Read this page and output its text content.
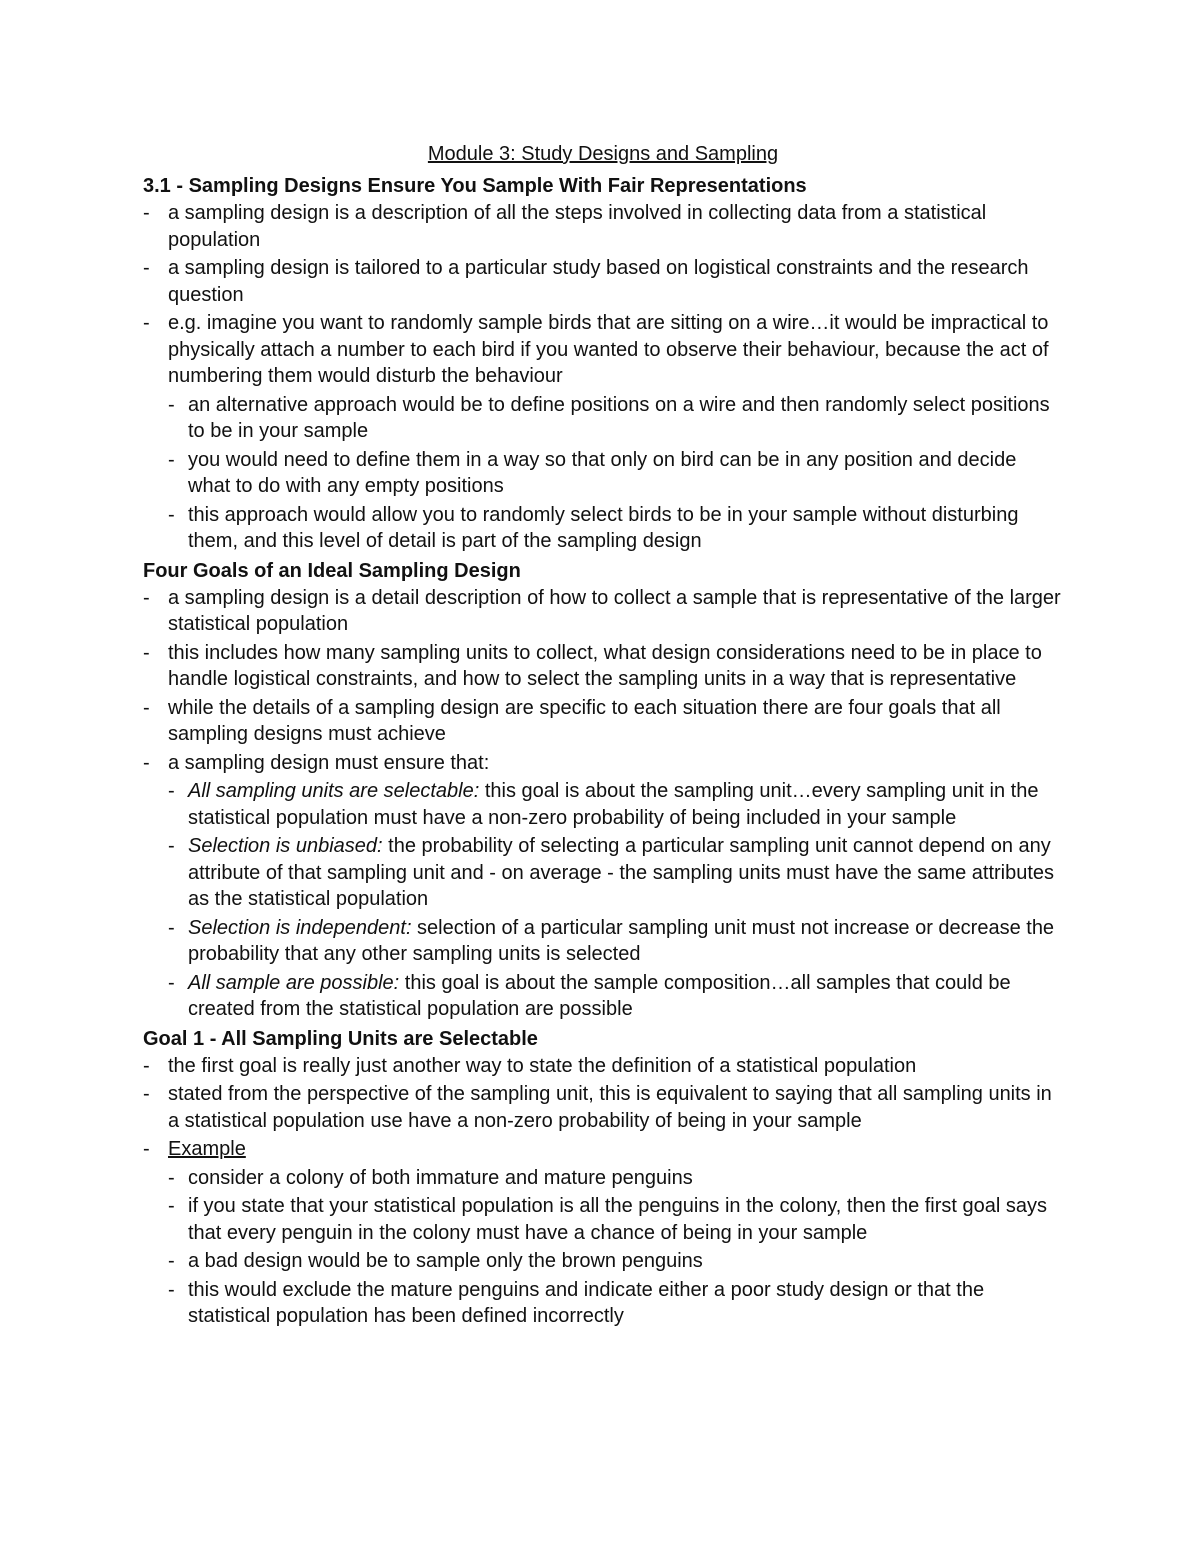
Module 3: Study Designs and Sampling
3.1 - Sampling Designs Ensure You Sample With Fair Representations
- a sampling design is a description of all the steps involved in collecting data from a statistical population
- a sampling design is tailored to a particular study based on logistical constraints and the research question
- e.g. imagine you want to randomly sample birds that are sitting on a wire…it would be impractical to physically attach a number to each bird if you wanted to observe their behaviour, because the act of numbering them would disturb the behaviour
- an alternative approach would be to define positions on a wire and then randomly select positions to be in your sample
- you would need to define them in a way so that only on bird can be in any position and decide what to do with any empty positions
- this approach would allow you to randomly select birds to be in your sample without disturbing them, and this level of detail is part of the sampling design
Four Goals of an Ideal Sampling Design
- a sampling design is a detail description of how to collect a sample that is representative of the larger statistical population
- this includes how many sampling units to collect, what design considerations need to be in place to handle logistical constraints, and how to select the sampling units in a way that is representative
- while the details of a sampling design are specific to each situation there are four goals that all sampling designs must achieve
- a sampling design must ensure that:
- All sampling units are selectable: this goal is about the sampling unit…every sampling unit in the statistical population must have a non-zero probability of being included in your sample
- Selection is unbiased: the probability of selecting a particular sampling unit cannot depend on any attribute of that sampling unit and - on average - the sampling units must have the same attributes as the statistical population
- Selection is independent: selection of a particular sampling unit must not increase or decrease the probability that any other sampling units is selected
- All sample are possible: this goal is about the sample composition…all samples that could be created from the statistical population are possible
Goal 1 - All Sampling Units are Selectable
- the first goal is really just another way to state the definition of a statistical population
- stated from the perspective of the sampling unit, this is equivalent to saying that all sampling units in a statistical population use have a non-zero probability of being in your sample
- Example
- consider a colony of both immature and mature penguins
- if you state that your statistical population is all the penguins in the colony, then the first goal says that every penguin in the colony must have a chance of being in your sample
- a bad design would be to sample only the brown penguins
- this would exclude the mature penguins and indicate either a poor study design or that the statistical population has been defined incorrectly
